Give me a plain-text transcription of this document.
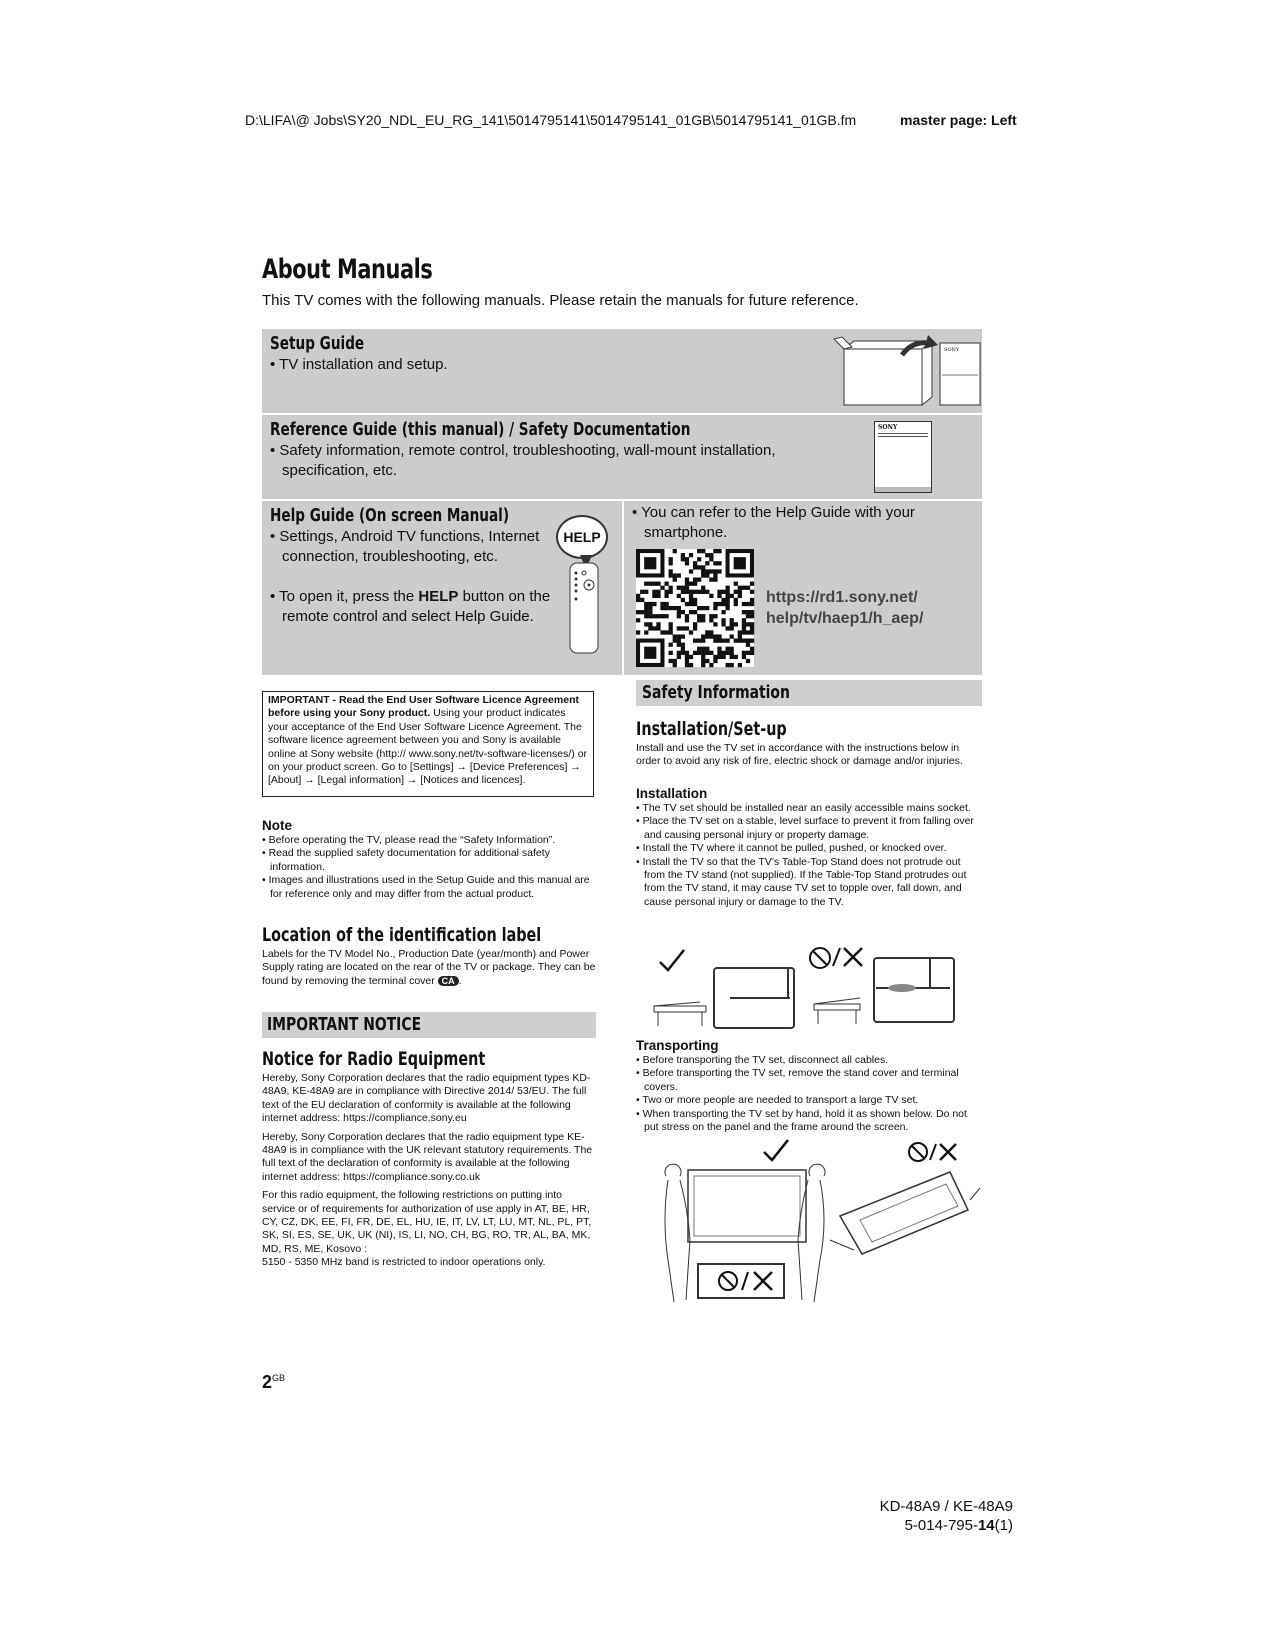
D:\LIFA\@ Jobs\SY20_NDL_EU_RG_141\5014795141\5014795141_01GB\5014795141_01GB.fm	master page: Left
About Manuals
This TV comes with the following manuals. Please retain the manuals for future reference.
Setup Guide
• TV installation and setup.
SONY
Reference Guide (this manual) / Safety Documentation
• Safety information, remote control, troubleshooting, wall-mount installation,
specification, etc.
SONY
Help Guide (On screen Manual)
• Settings, Android TV functions, Internet connection, troubleshooting, etc.
• To open it, press the HELP button on the remote control and select Help Guide.
HELP
• You can refer to the Help Guide with your smartphone.
https://rd1.sony.net/
help/tv/haep1/h_aep/
IMPORTANT - Read the End User Software Licence Agreement before using your Sony product. Using your product indicates your acceptance of the End User Software Licence Agreement. The software licence agreement between you and Sony is available online at Sony website (http:// www.sony.net/tv-software-licenses/) or on your product screen. Go to [Settings] → [Device Preferences] → [About] → [Legal information] → [Notices and licences].
Note
• Before operating the TV, please read the “Safety Information”.
• Read the supplied safety documentation for additional safety information.
• Images and illustrations used in the Setup Guide and this manual are for reference only and may differ from the actual product.
Location of the identification label
Labels for the TV Model No., Production Date (year/month) and Power Supply rating are located on the rear of the TV or package. They can be found by removing the terminal cover CA .
IMPORTANT NOTICE
Notice for Radio Equipment
Hereby, Sony Corporation declares that the radio equipment types KD-48A9, KE-48A9 are in compliance with Directive 2014/ 53/EU. The full text of the EU declaration of conformity is available at the following internet address: https://compliance.sony.eu
Hereby, Sony Corporation declares that the radio equipment type KE-48A9 is in compliance with the UK relevant statutory requirements. The full text of the declaration of conformity is available at the following internet address: https://compliance.sony.co.uk
For this radio equipment, the following restrictions on putting into service or of requirements for authorization of use apply in AT, BE, HR, CY, CZ, DK, EE, FI, FR, DE, EL, HU, IE, IT, LV, LT, LU, MT, NL, PL, PT, SK, SI, ES, SE, UK, UK (NI), IS, LI, NO, CH, BG, RO, TR, AL, BA, MK, MD, RS, ME, Kosovo :
5150 - 5350 MHz band is restricted to indoor operations only.
Safety Information
Installation/Set-up
Install and use the TV set in accordance with the instructions below in order to avoid any risk of fire, electric shock or damage and/or injuries.
Installation
• The TV set should be installed near an easily accessible mains socket.
• Place the TV set on a stable, level surface to prevent it from falling over and causing personal injury or property damage.
• Install the TV where it cannot be pulled, pushed, or knocked over.
• Install the TV so that the TV’s Table-Top Stand does not protrude out from the TV stand (not supplied). If the Table-Top Stand protrudes out from the TV stand, it may cause TV set to topple over, fall down, and cause personal injury or damage to the TV.
Transporting
• Before transporting the TV set, disconnect all cables.
• Before transporting the TV set, remove the stand cover and terminal covers.
• Two or more people are needed to transport a large TV set.
• When transporting the TV set by hand, hold it as shown below. Do not put stress on the panel and the frame around the screen.
$2^{GB}$
KD-48A9 / KE-48A9
5-014-795-14(1)
